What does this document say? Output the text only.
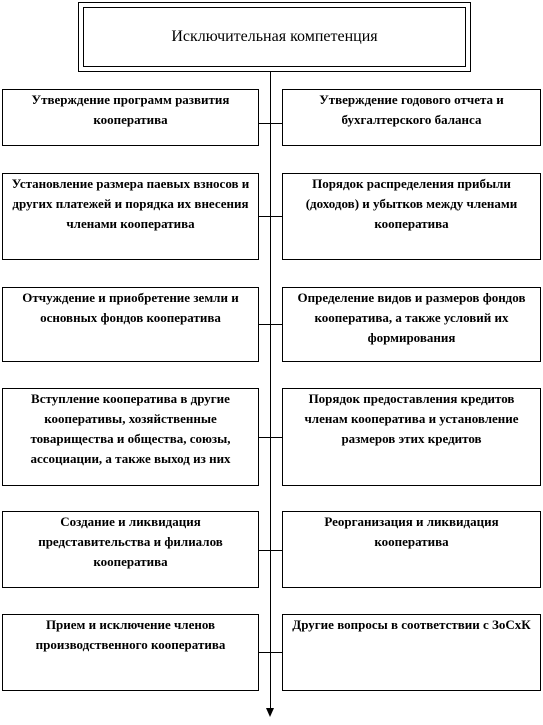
Исключительная компетенция
Утверждение программ развития кооператива
Установление размера паевых взносов и других платежей и порядка их внесения членами кооператива
Отчуждение и приобретение земли и основных фондов кооператива
Вступление кооператива в другие кооперативы, хозяйственные товарищества и общества, союзы, ассоциации, а также выход из них
Создание и ликвидация представительства и филиалов кооператива
Прием и исключение членов производственного кооператива
Утверждение годового отчета и бухгалтерского баланса
Порядок распределения прибыли (доходов) и убытков между членами кооператива
Определение видов и размеров фондов кооператива, а также условий их формирования
Порядок предоставления кредитов членам кооператива и установление размеров этих кредитов
Реорганизация и ликвидация кооператива
Другие вопросы в соответствии с ЗоСхК
